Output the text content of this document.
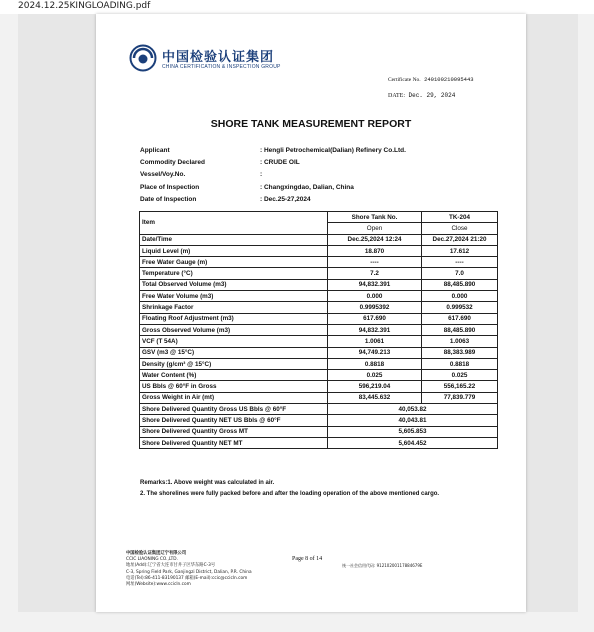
2024.12.25KINGLOADING.pdf
中国检验认证集团
CHINA CERTIFICATION & INSPECTION GROUP
Certificate No. 240100210095443
DATE: Dec. 29, 2024
SHORE TANK MEASUREMENT REPORT
Applicant	: Hengli Petrochemical(Dalian) Refinery Co.Ltd.
Commodity Declared	: CRUDE OIL
Vessel/Voy.No.	:
Place of Inspection	: Changxingdao, Dalian, China
Date of Inspection	: Dec.25-27,2024
Item	Shore Tank No.	TK-204
	Open	Close
Date/Time	Dec.25,2024 12:24	Dec.27,2024 21:20
Liquid Level (m)	18.870	17.612
Free Water Gauge (m)	----	----
Temperature (°C)	7.2	7.0
Total Observed Volume (m3)	94,832.391	88,485.890
Free Water Volume (m3)	0.000	0.000
Shrinkage Factor	0.9995392	0.999532
Floating Roof Adjustment (m3)	617.690	617.690
Gross Observed Volume (m3)	94,832.391	88,485.890
VCF (T 54A)	1.0061	1.0063
GSV (m3 @ 15°C)	94,749.213	88,383.989
Density (g/cm³ @ 15°C)	0.8818	0.8818
Water Content (%)	0.025	0.025
US Bbls @ 60°F in Gross	596,219.04	556,165.22
Gross Weight in Air (mt)	83,445.632	77,839.779
Shore Delivered Quantity Gross US Bbls @ 60°F	40,053.82	
Shore Delivered Quantity NET US Bbls @ 60°F	40,043.81	
Shore Delivered Quantity Gross MT	5,605.853	
Shore Delivered Quantity NET MT	5,604.452	
Remarks:1. Above weight was calculated in air.
2. The shorelines were fully packed before and after the loading operation of the above mentioned cargo.
中国检验认证集团辽宁有限公司
CCIC LIAONING CO.,LTD.
地址(Add):辽宁省大连市甘井子区华东路C-3号
C-3, Spring Field Park, Ganjingzi District, Dalian, P.R. China
电话(Tel):86-411-83190137 邮箱(E-mail):ccic@ccicln.com
网址(Website):www.ccicln.com
Page 8 of 14
统一社会信用代码: 91210200117884679E
